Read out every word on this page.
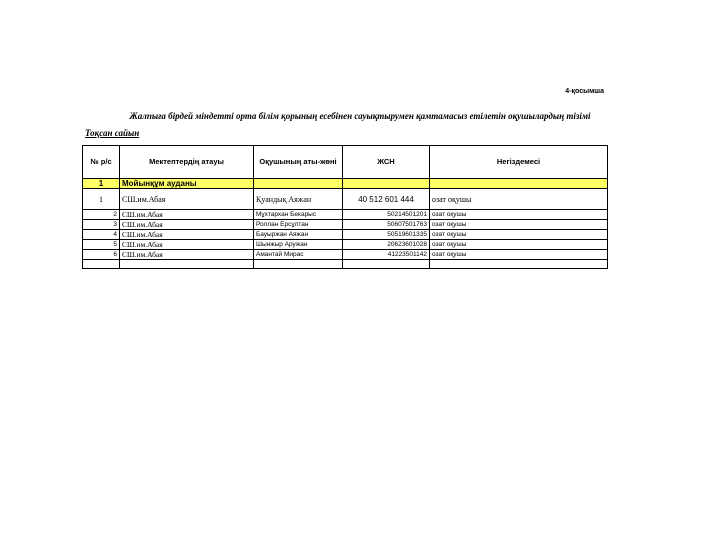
4-қосымша
Жалпыға бірдей міндетті орта білім қорының есебінен сауықтырумен қамтамасыз етілетін оқушылардың тізімі
Тоқсан сайын
№ р/с	Мектептердің атауы	Оқушының аты-жөні	ЖСН	Негіздемесі
1	Мойынқұм ауданы			
1	СШ.им.Абая	Қуандық Аяжан	40 512 601 444	озат оқушы
2	СШ.им.Абая	Мұхтархан Бекарыс	50214501201	озат оқушы
3	СШ.им.Абая	Роллан Ерсұлтан	50607501763	озат оқушы
4	СШ.им.Абая	Бауыржан Аяжан	50519601335	озат оқушы
5	СШ.им.Абая	Шынжыр Аружан	20623601028	озат оқушы
6	СШ.им.Абая	Амантай Мирас	41223501142	озат оқушы
